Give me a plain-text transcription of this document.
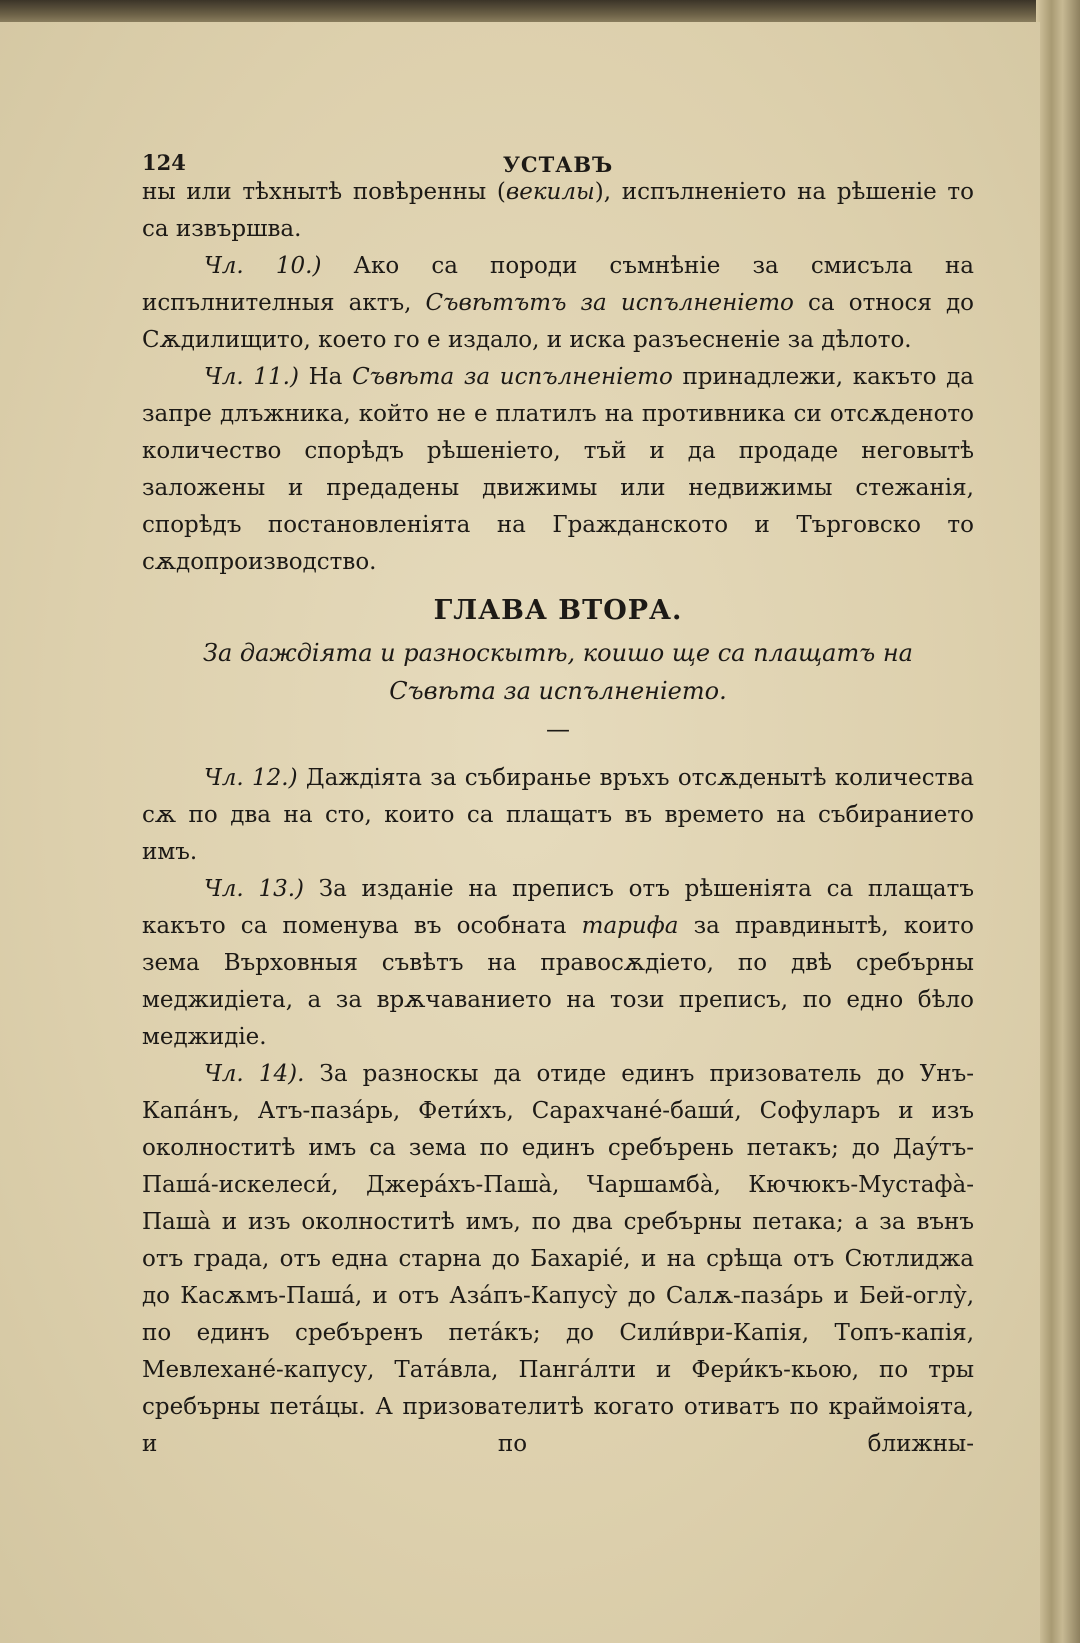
124	УСТАВЪ

ны или тѣхнытѣ повѣренны (векилы), испълненіето на рѣшеніе то са извършва.

Чл. 10.) Ако са породи съмнѣніе за смисъла на испълнителныя актъ, Съвѣтътъ за испълненіето са относя до Сѫдилищито, което го е издало, и иска разъесненіе за дѣлото.

Чл. 11.) На Съвѣта за испълненіето принадлежи, какъто да запре длъжника, който не е платилъ на противника си отсѫденото количество спорѣдъ рѣшеніето, тъй и да продаде неговытѣ заложены и предадены движимы или недвижимы стежанія, спорѣдъ постановленіята на Гражданското и Търговско то сѫдопроизводство.

ГЛАВА ВТОРА.
За даждіята и разноскытѣ, коишо ще са плащатъ на
Съвѣта за испълненіето.
—

Чл. 12.) Даждіята за събиранье връхъ отсѫденытѣ количества сѫ по два на сто, които са плащатъ въ времето на събиранието имъ.

Чл. 13.) За изданіе на преписъ отъ рѣшеніята са плащатъ какъто са поменува въ особната тарифа за правдинытѣ, които зема Върховныя съвѣтъ на правосѫдіето, по двѣ сребърны меджидіета, а за врѫчаванието на този преписъ, по едно бѣло меджидіе.

Чл. 14). За разноскы да отиде единъ призователь до Унъ-Капа́нъ, Атъ-паза́рь, Фети́хъ, Сарахчане́-баши́, Софуларъ и изъ околноститѣ имъ са зема по единъ сребърень петакъ; до Дау́тъ-Паша́-искелеси́, Джера́хъ-Паша̀, Чаршамба̀, Кючюкъ-Мустафа̀-Паша̀ и изъ околноститѣ имъ, по два сребърны петака; а за вънъ отъ града, отъ една старна до Бахаріе́, и на срѣща отъ Сютлиджа до Касѫмъ-Паша́, и отъ Аза́пъ-Капусу̀ до Салѫ-паза́рь и Бей-оглу̀, по единъ сребъренъ пета́къ; до Сили́ври-Капія, Топъ-капія, Мевлехане́-капусу, Тата́вла, Панга́лти и Фери́къ-кьою, по тры сребърны пета́цы. А призователитѣ когато отиватъ по краймоіята, и по ближны-
